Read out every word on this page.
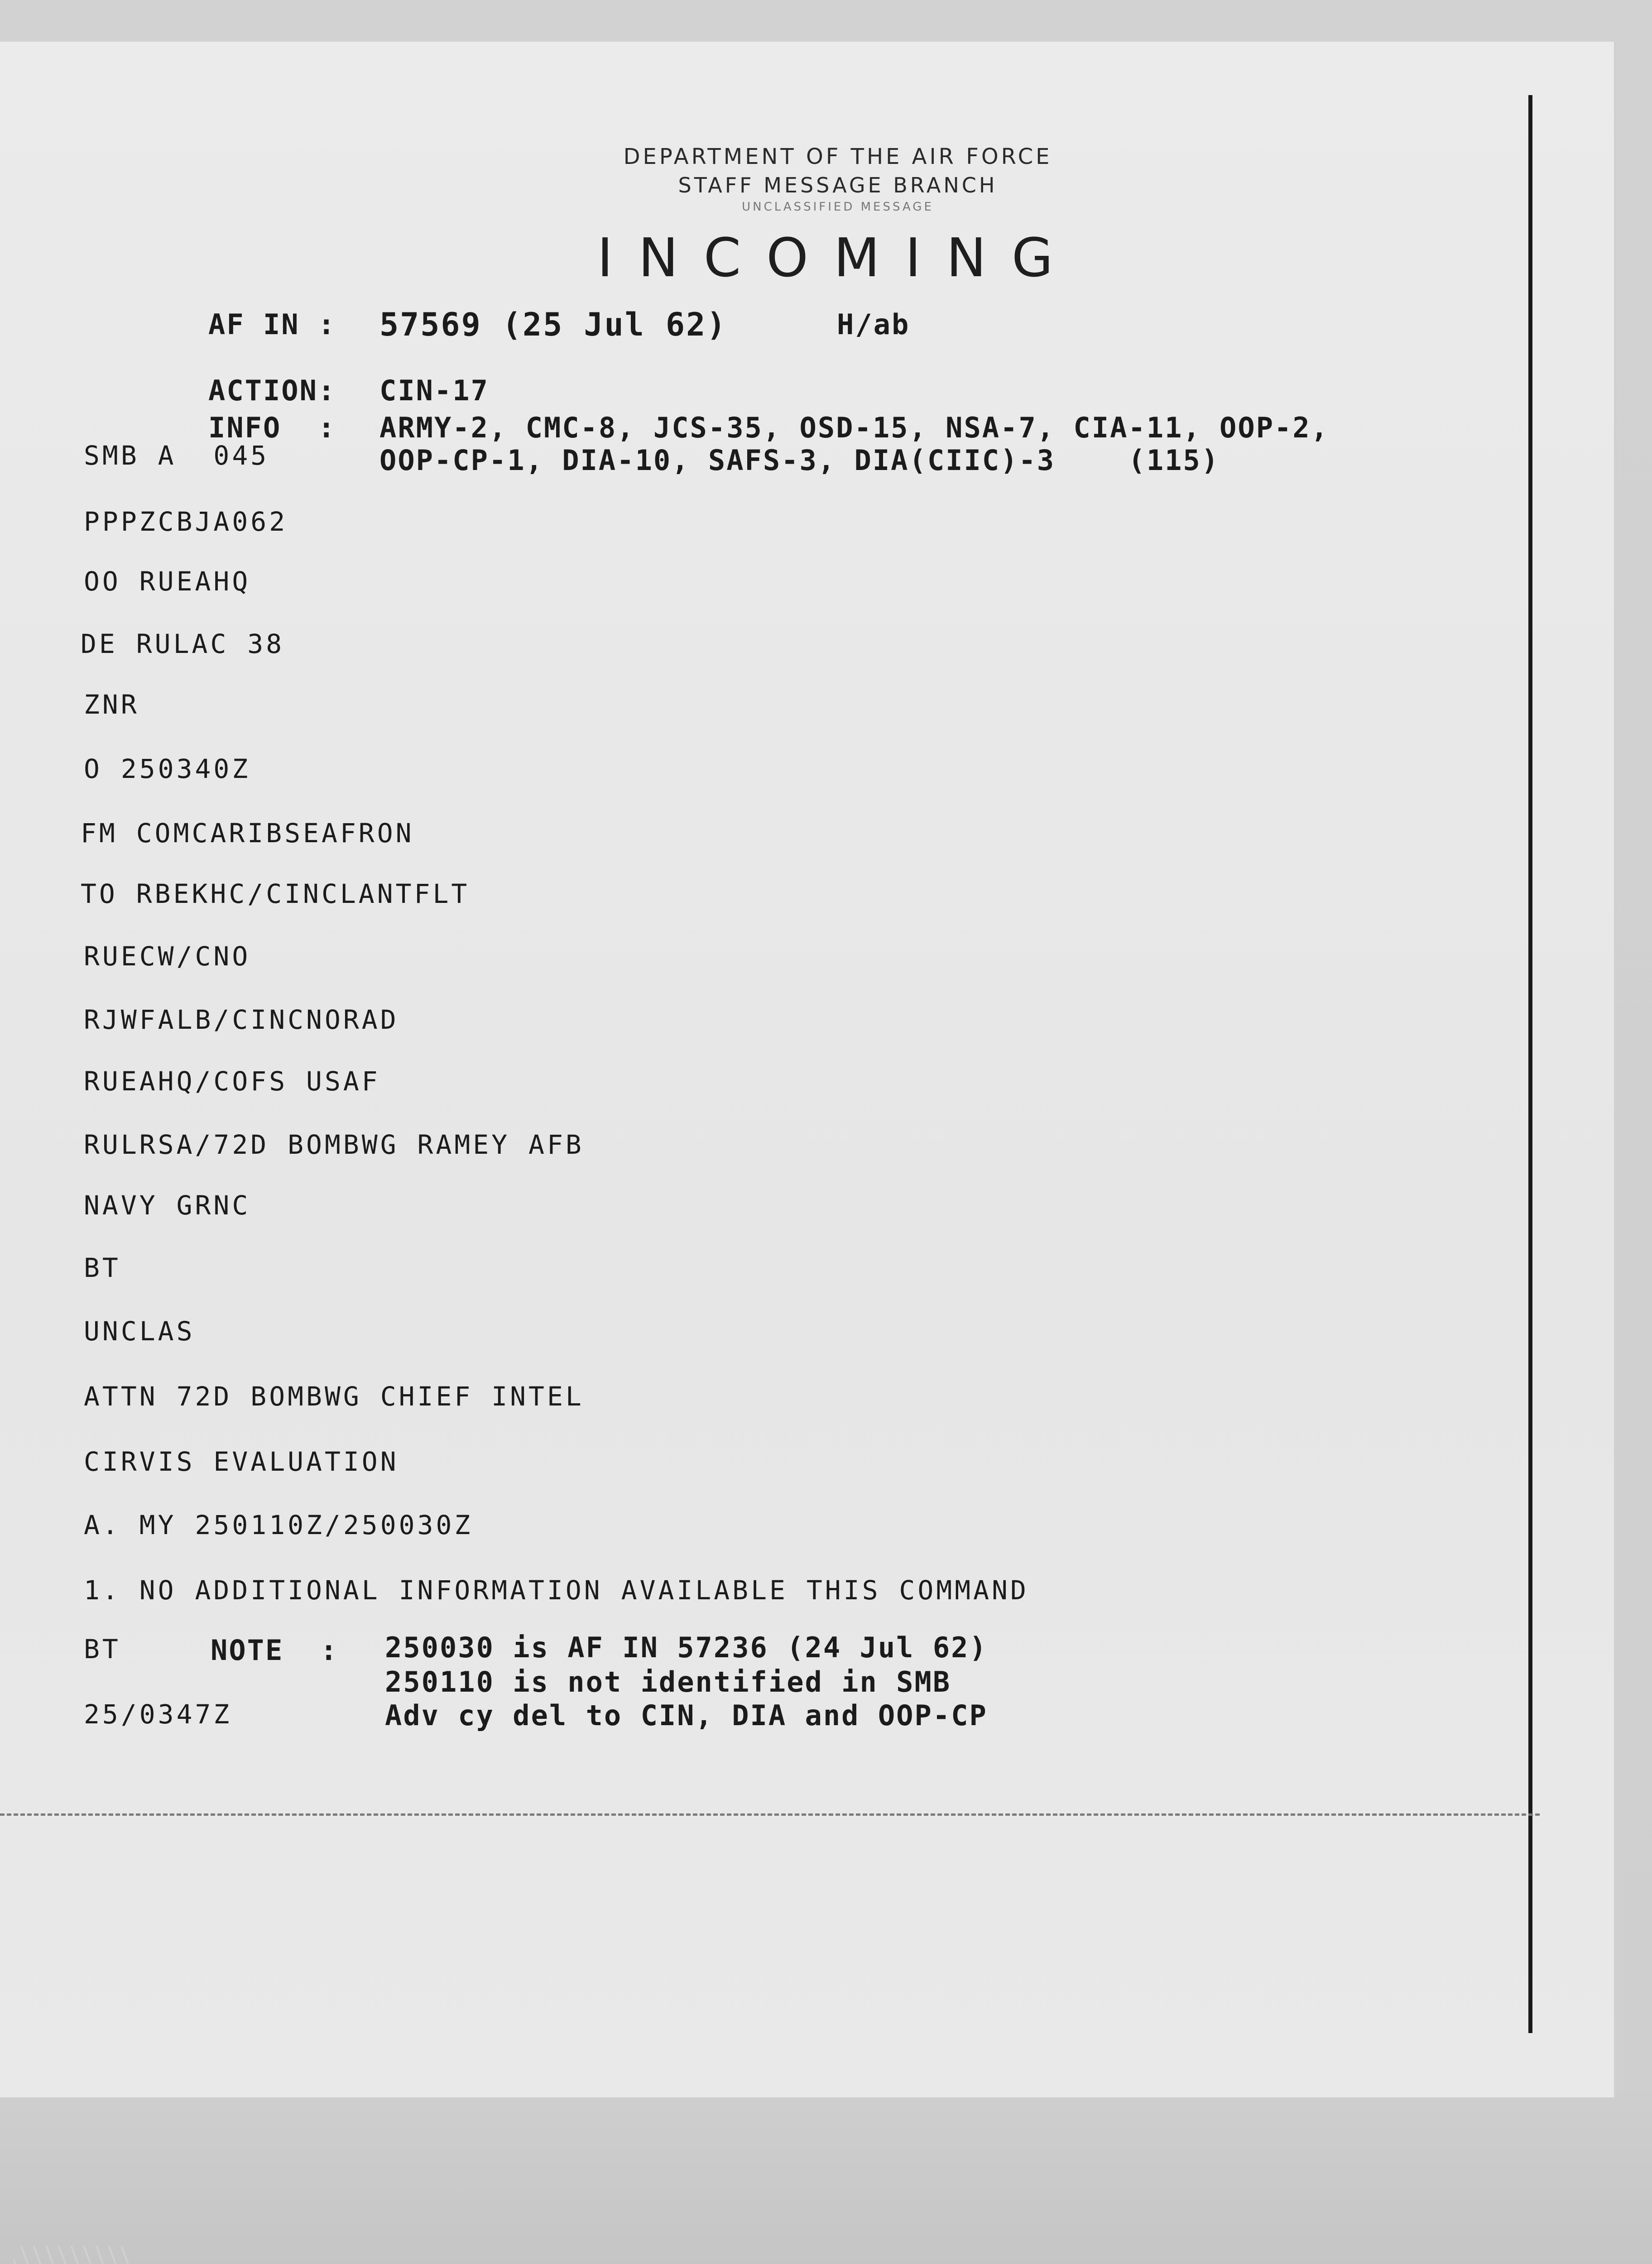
DEPARTMENT OF THE AIR FORCE
STAFF MESSAGE BRANCH
UNCLASSIFIED MESSAGE
INCOMING
AF IN : 57569 (25 Jul 62)	H/ab
ACTION: CIN-17
INFO  : ARMY-2, CMC-8, JCS-35, OSD-15, NSA-7, CIA-11, OOP-2,
SMB A  045	OOP-CP-1, DIA-10, SAFS-3, DIA(CIIC)-3    (115)
PPPZCBJA062
OO RUEAHQ
DE RULAC 38
ZNR
O 250340Z
FM COMCARIBSEAFRON
TO RBEKHC/CINCLANTFLT
RUECW/CNO
RJWFALB/CINCNORAD
RUEAHQ/COFS USAF
RULRSA/72D BOMBWG RAMEY AFB
NAVY GRNC
BT
UNCLAS
ATTN 72D BOMBWG CHIEF INTEL
CIRVIS EVALUATION
A. MY 250110Z/250030Z
1. NO ADDITIONAL INFORMATION AVAILABLE THIS COMMAND
BT	NOTE  : 250030 is AF IN 57236 (24 Jul 62)
250110 is not identified in SMB
25/0347Z	Adv cy del to CIN, DIA and OOP-CP
